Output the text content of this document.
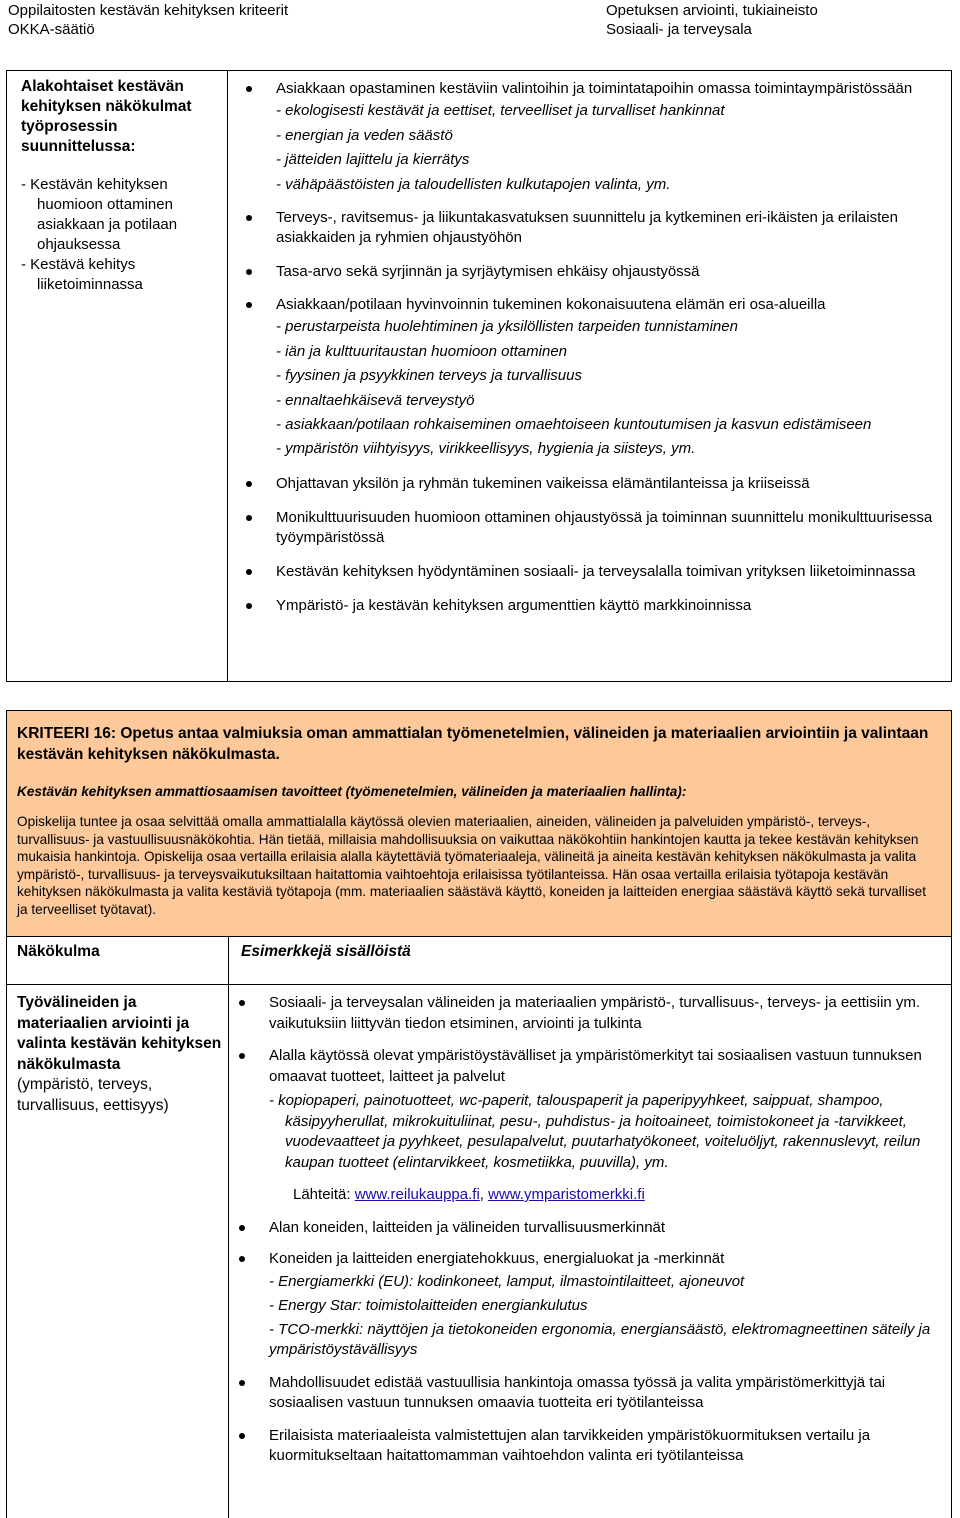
Oppilaitosten kestävän kehityksen kriteerit
OKKA-säätiö
Opetuksen arviointi, tukiaineisto
Sosiaali- ja terveysala
Alakohtaiset kestävän kehityksen näkökulmat työprosessin suunnittelussa:
- Kestävän kehityksen huomioon ottaminen asiakkaan ja potilaan ohjauksessa
- Kestävä kehitys liiketoiminnassa
Asiakkaan opastaminen kestäviin valintoihin ja toimintatapoihin omassa toimintaympäristössään
- ekologisesti kestävät ja eettiset, terveelliset ja turvalliset hankinnat
- energian ja veden säästö
- jätteiden lajittelu ja kierrätys
- vähäpäästöisten ja taloudellisten kulkutapojen valinta, ym.
Terveys-, ravitsemus- ja liikuntakasvatuksen suunnittelu ja kytkeminen eri-ikäisten ja erilaisten asiakkaiden ja ryhmien ohjaustyöhön
Tasa-arvo sekä syrjinnän ja syrjäytymisen ehkäisy ohjaustyössä
Asiakkaan/potilaan hyvinvoinnin tukeminen kokonaisuutena elämän eri osa-alueilla
- perustarpeista huolehtiminen ja yksilöllisten tarpeiden tunnistaminen
- iän ja kulttuuritaustan huomioon ottaminen
- fyysinen ja psyykkinen terveys ja turvallisuus
- ennaltaehkäisevä terveystyö
- asiakkaan/potilaan rohkaiseminen omaehtoiseen kuntoutumisen ja kasvun edistämiseen
- ympäristön viihtyisyys, virikkeellisyys, hygienia ja siisteys, ym.
Ohjattavan yksilön ja ryhmän tukeminen vaikeissa elämäntilanteissa ja kriiseissä
Monikulttuurisuuden huomioon ottaminen ohjaustyössä ja toiminnan suunnittelu monikulttuurisessa työympäristössä
Kestävän kehityksen hyödyntäminen sosiaali- ja terveysalalla toimivan yrityksen liiketoiminnassa
Ympäristö- ja kestävän kehityksen argumenttien käyttö markkinoinnissa
KRITEERI 16: Opetus antaa valmiuksia oman ammattialan työmenetelmien, välineiden ja materiaalien arviointiin ja valintaan kestävän kehityksen näkökulmasta.
Kestävän kehityksen ammattiosaamisen tavoitteet (työmenetelmien, välineiden ja materiaalien hallinta):
Opiskelija tuntee ja osaa selvittää omalla ammattialalla käytössä olevien materiaalien, aineiden, välineiden ja palveluiden ympäristö-, terveys-, turvallisuus- ja vastuullisuusnäkökohtia. Hän tietää, millaisia mahdollisuuksia on vaikuttaa näkökohtiin hankintojen kautta ja tekee kestävän kehityksen mukaisia hankintoja. Opiskelija osaa vertailla erilaisia alalla käytettäviä työmateriaaleja, välineitä ja aineita kestävän kehityksen näkökulmasta ja valita ympäristö-, turvallisuus- ja terveysvaikutuksiltaan haitattomia vaihtoehtoja erilaisissa työtilanteissa. Hän osaa vertailla erilaisia työtapoja kestävän kehityksen näkökulmasta ja valita kestäviä työtapoja (mm. materiaalien säästävä käyttö, koneiden ja laitteiden energiaa säästävä käyttö sekä turvalliset ja terveelliset työtavat).
Näkökulma	Esimerkkejä sisällöistä
Työvälineiden ja materiaalien arviointi ja valinta kestävän kehityksen näkökulmasta
(ympäristö, terveys, turvallisuus, eettisyys)
Sosiaali- ja terveysalan välineiden ja materiaalien ympäristö-, turvallisuus-, terveys- ja eettisiin ym. vaikutuksiin liittyvän tiedon etsiminen, arviointi ja tulkinta
Alalla käytössä olevat ympäristöystävälliset ja ympäristömerkityt tai sosiaalisen vastuun tunnuksen omaavat tuotteet, laitteet ja palvelut
- kopiopaperi, painotuotteet, wc-paperit, talouspaperit ja paperipyyhkeet, saippuat, shampoo, käsipyyherullat, mikrokuituliinat, pesu-, puhdistus- ja hoitoaineet, toimistokoneet ja -tarvikkeet, vuodevaatteet ja pyyhkeet, pesulapalvelut, puutarhatyökoneet, voiteluöljyt, rakennuslevyt, reilun kaupan tuotteet (elintarvikkeet, kosmetiikka, puuvilla), ym.
Lähteitä: www.reilukauppa.fi, www.ymparistomerkki.fi
Alan koneiden, laitteiden ja välineiden turvallisuusmerkinnät
Koneiden ja laitteiden energiatehokkuus, energialuokat ja -merkinnät
- Energiamerkki (EU): kodinkoneet, lamput, ilmastointilaitteet, ajoneuvot
- Energy Star: toimistolaitteiden energiankulutus
- TCO-merkki: näyttöjen ja tietokoneiden ergonomia, energiansäästö, elektromagneettinen säteily ja ympäristöystävällisyys
Mahdollisuudet edistää vastuullisia hankintoja omassa työssä ja valita ympäristömerkittyjä tai sosiaalisen vastuun tunnuksen omaavia tuotteita eri työtilanteissa
Erilaisista materiaaleista valmistettujen alan tarvikkeiden ympäristökuormituksen vertailu ja kuormitukseltaan haitattomamman vaihtoehdon valinta eri työtilanteissa
